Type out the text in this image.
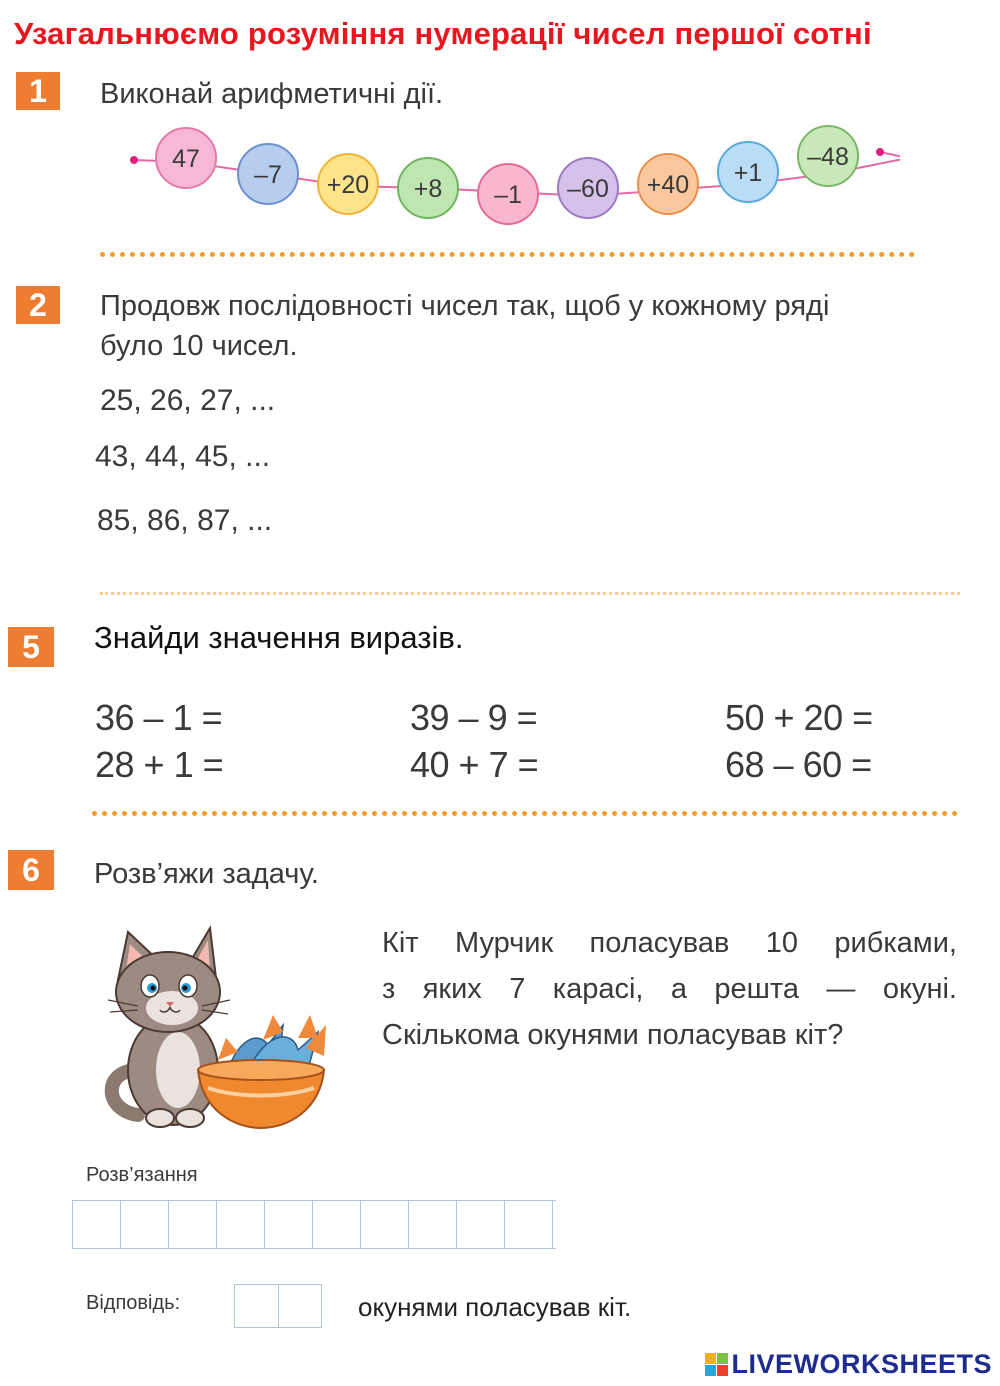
Узагальнюємо розуміння нумерації чисел першої сотні
1	Виконай арифметичні дії.
47
–7 +20 +8 –1 –60 +40 +1
–48
2	Продовж послідовності чисел так, щоб у кожному ряді
було 10 чисел.
25, 26, 27, ...
43, 44, 45, ...
85, 86, 87, ...
5	Знайди значення виразів.
36 – 1 =	39 – 9 =	50 + 20 =
28 + 1 =	40 + 7 =	68 – 60 =
6	Розв’яжи задачу.
Кіт Мурчик поласував 10 рибками,
з яких 7 карасі, а решта — окуні.
Скількома окунями поласував кіт?
Розв’язання
Відповідь:	окунями поласував кіт.
LIVEWORKSHEETS
